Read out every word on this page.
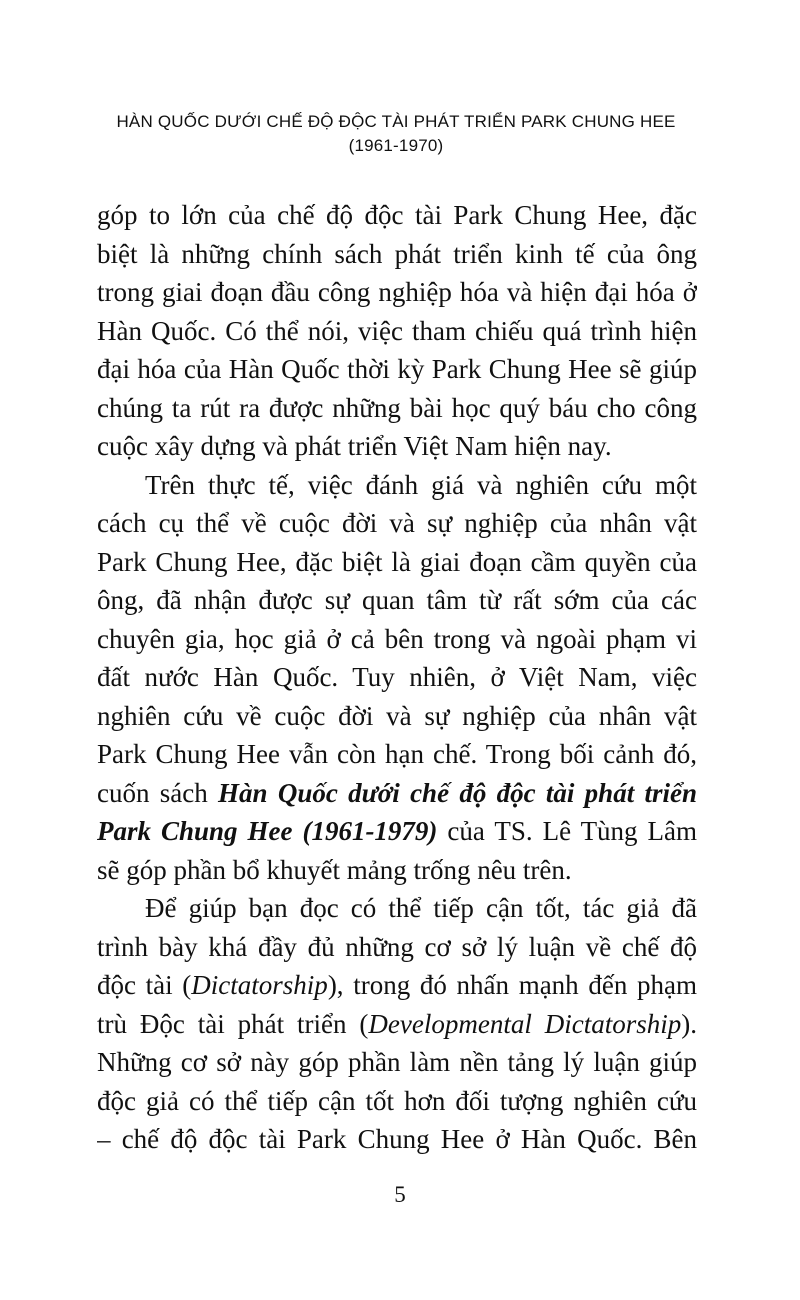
HÀN QUỐC DƯỚI CHẾ ĐỘ ĐỘC TÀI PHÁT TRIỂN PARK CHUNG HEE
(1961-1970)
góp to lớn của chế độ độc tài Park Chung Hee, đặc
biệt là những chính sách phát triển kinh tế của ông
trong giai đoạn đầu công nghiệp hóa và hiện đại hóa ở
Hàn Quốc. Có thể nói, việc tham chiếu quá trình hiện
đại hóa của Hàn Quốc thời kỳ Park Chung Hee sẽ giúp
chúng ta rút ra được những bài học quý báu cho công
cuộc xây dựng và phát triển Việt Nam hiện nay.
Trên thực tế, việc đánh giá và nghiên cứu một
cách cụ thể về cuộc đời và sự nghiệp của nhân vật
Park Chung Hee, đặc biệt là giai đoạn cầm quyền của
ông, đã nhận được sự quan tâm từ rất sớm của các
chuyên gia, học giả ở cả bên trong và ngoài phạm vi
đất nước Hàn Quốc. Tuy nhiên, ở Việt Nam, việc
nghiên cứu về cuộc đời và sự nghiệp của nhân vật
Park Chung Hee vẫn còn hạn chế. Trong bối cảnh đó,
cuốn sách Hàn Quốc dưới chế độ độc tài phát triển
Park Chung Hee (1961-1979) của TS. Lê Tùng Lâm
sẽ góp phần bổ khuyết mảng trống nêu trên.
Để giúp bạn đọc có thể tiếp cận tốt, tác giả đã
trình bày khá đầy đủ những cơ sở lý luận về chế độ
độc tài (Dictatorship), trong đó nhấn mạnh đến phạm
trù Độc tài phát triển (Developmental Dictatorship).
Những cơ sở này góp phần làm nền tảng lý luận giúp
độc giả có thể tiếp cận tốt hơn đối tượng nghiên cứu
– chế độ độc tài Park Chung Hee ở Hàn Quốc. Bên
5
